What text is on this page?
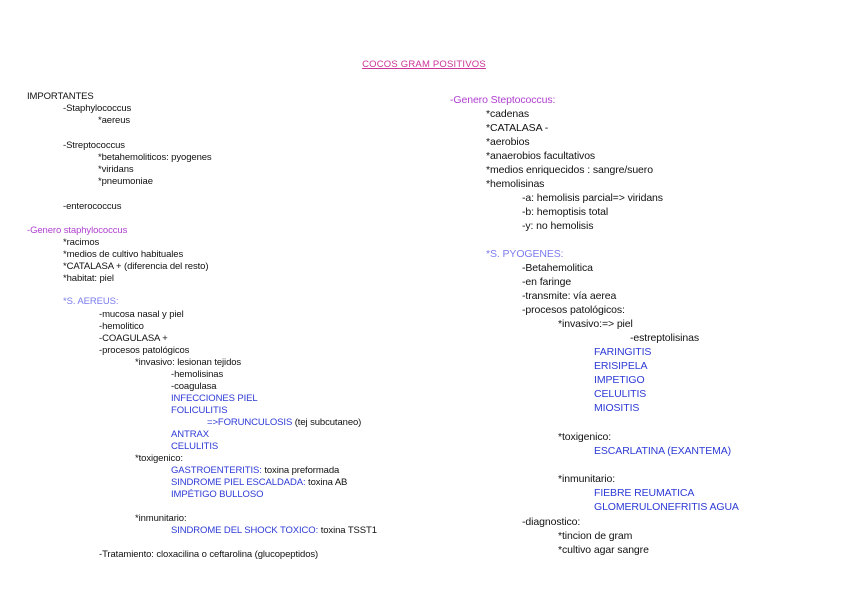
COCOS GRAM POSITIVOS
IMPORTANTES
-Staphylococcus
*aereus
-Streptococcus
*betahemoliticos: pyogenes
*viridans
*pneumoniae
-enterococcus
-Genero staphylococcus
*racimos
*medios de cultivo habituales
*CATALASA + (diferencia del resto)
*habitat: piel
*S. AEREUS:
-mucosa nasal y piel
-hemolitico
-COAGULASA +
-procesos patológicos
*invasivo: lesionan tejidos
-hemolisinas
-coagulasa
INFECCIONES PIEL
FOLICULITIS
=>FORUNCULOSIS (tej subcutaneo)
ANTRAX
CELULITIS
*toxigenico:
GASTROENTERITIS: toxina preformada
SINDROME PIEL ESCALDADA: toxina AB
IMPÉTIGO BULLOSO
*inmunitario:
SINDROME DEL SHOCK TOXICO: toxina TSST1
-Tratamiento: cloxacilina o ceftarolina (glucopeptidos)
-Genero Steptococcus:
*cadenas
*CATALASA -
*aerobios
*anaerobios facultativos
*medios enriquecidos : sangre/suero
*hemolisinas
-a: hemolisis parcial=> viridans
-b: hemoptisis total
-y: no hemolisis
*S. PYOGENES:
-Betahemolitica
-en faringe
-transmite: vía aerea
-procesos patológicos:
*invasivo:=> piel
-estreptolisinas
FARINGITIS
ERISIPELA
IMPETIGO
CELULITIS
MIOSITIS
*toxigenico:
ESCARLATINA (EXANTEMA)
*inmunitario:
FIEBRE REUMATICA
GLOMERULONEFRITIS AGUA
-diagnostico:
*tincion de gram
*cultivo agar sangre
